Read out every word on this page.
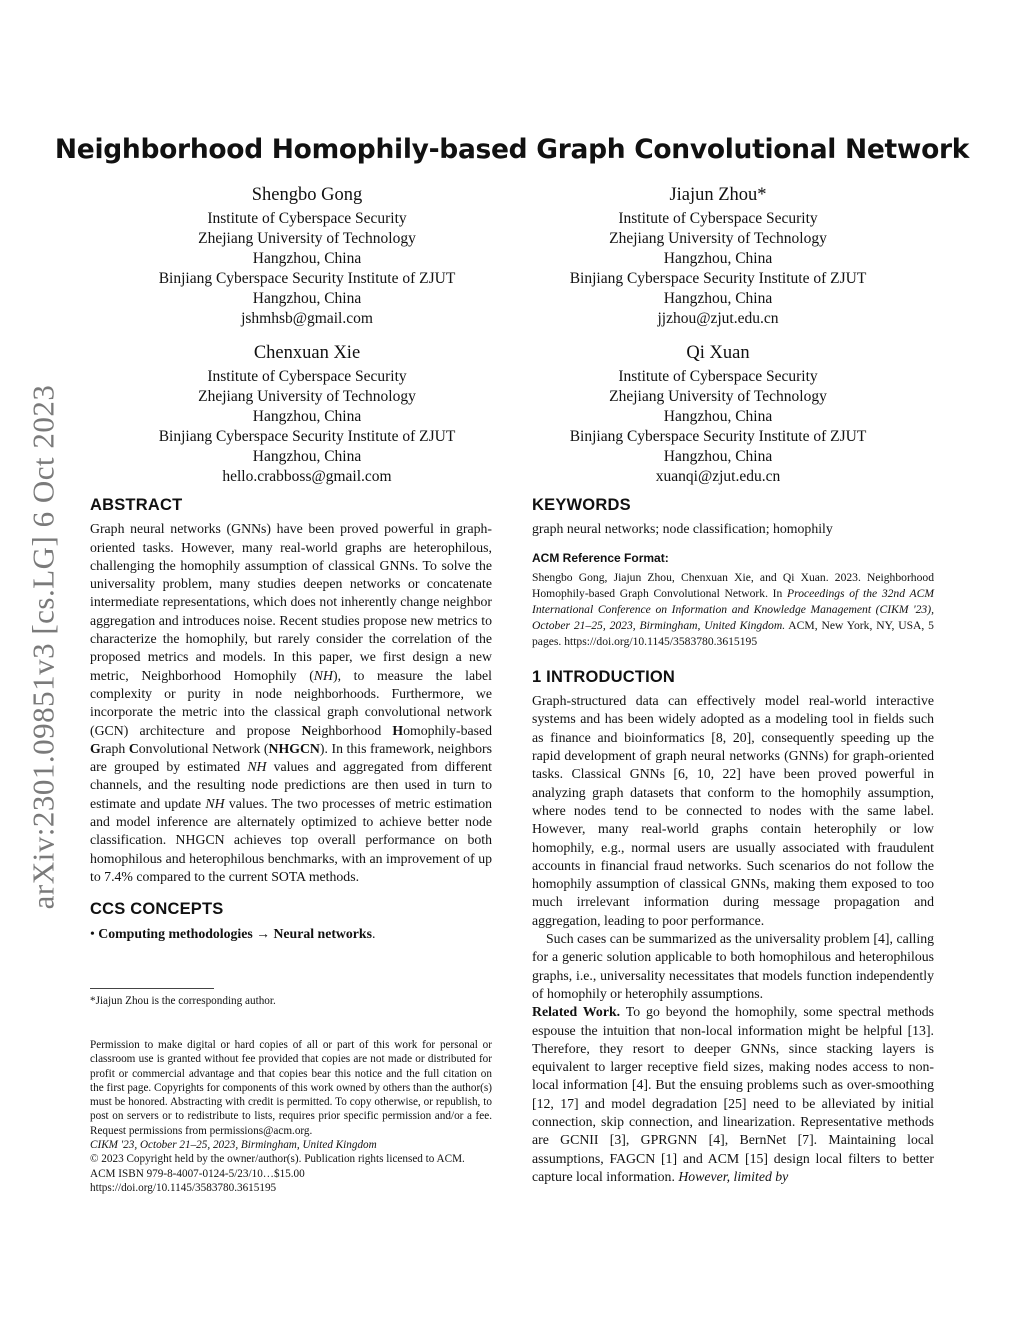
arXiv:2301.09851v3 [cs.LG] 6 Oct 2023
Neighborhood Homophily-based Graph Convolutional Network
Shengbo Gong
Institute of Cyberspace Security
Zhejiang University of Technology
Hangzhou, China
Binjiang Cyberspace Security Institute of ZJUT
Hangzhou, China
jshmhsb@gmail.com
Jiajun Zhou*
Institute of Cyberspace Security
Zhejiang University of Technology
Hangzhou, China
Binjiang Cyberspace Security Institute of ZJUT
Hangzhou, China
jjzhou@zjut.edu.cn
Chenxuan Xie
Institute of Cyberspace Security
Zhejiang University of Technology
Hangzhou, China
Binjiang Cyberspace Security Institute of ZJUT
Hangzhou, China
hello.crabboss@gmail.com
Qi Xuan
Institute of Cyberspace Security
Zhejiang University of Technology
Hangzhou, China
Binjiang Cyberspace Security Institute of ZJUT
Hangzhou, China
xuanqi@zjut.edu.cn
ABSTRACT

Graph neural networks (GNNs) have been proved powerful in graph-oriented tasks. However, many real-world graphs are heterophilous, challenging the homophily assumption of classical GNNs. To solve the universality problem, many studies deepen networks or concatenate intermediate representations, which does not inherently change neighbor aggregation and introduces noise. Recent studies propose new metrics to characterize the homophily, but rarely consider the correlation of the proposed metrics and models. In this paper, we first design a new metric, Neighborhood Homophily (NH), to measure the label complexity or purity in node neighborhoods. Furthermore, we incorporate the metric into the classical graph convolutional network (GCN) architecture and propose Neighborhood Homophily-based Graph Convolutional Network (NHGCN). In this framework, neighbors are grouped by estimated NH values and aggregated from different channels, and the resulting node predictions are then used in turn to estimate and update NH values. The two processes of metric estimation and model inference are alternately optimized to achieve better node classification. NHGCN achieves top overall performance on both homophilous and heterophilous benchmarks, with an improvement of up to 7.4% compared to the current SOTA methods.

CCS CONCEPTS

• Computing methodologies → Neural networks.

*Jiajun Zhou is the corresponding author.

Permission to make digital or hard copies of all or part of this work for personal or classroom use is granted without fee provided that copies are not made or distributed for profit or commercial advantage and that copies bear this notice and the full citation on the first page. Copyrights for components of this work owned by others than the author(s) must be honored. Abstracting with credit is permitted. To copy otherwise, or republish, to post on servers or to redistribute to lists, requires prior specific permission and/or a fee. Request permissions from permissions@acm.org.

CIKM '23, October 21–25, 2023, Birmingham, United Kingdom
© 2023 Copyright held by the owner/author(s). Publication rights licensed to ACM.
ACM ISBN 979-8-4007-0124-5/23/10…$15.00
https://doi.org/10.1145/3583780.3615195
KEYWORDS

graph neural networks; node classification; homophily

ACM Reference Format:

Shengbo Gong, Jiajun Zhou, Chenxuan Xie, and Qi Xuan. 2023. Neighborhood Homophily-based Graph Convolutional Network. In Proceedings of the 32nd ACM International Conference on Information and Knowledge Management (CIKM '23), October 21–25, 2023, Birmingham, United Kingdom. ACM, New York, NY, USA, 5 pages. https://doi.org/10.1145/3583780.3615195

1 INTRODUCTION

Graph-structured data can effectively model real-world interactive systems and has been widely adopted as a modeling tool in fields such as finance and bioinformatics [8, 20], consequently speeding up the rapid development of graph neural networks (GNNs) for graph-oriented tasks. Classical GNNs [6, 10, 22] have been proved powerful in analyzing graph datasets that conform to the homophily assumption, where nodes tend to be connected to nodes with the same label. However, many real-world graphs contain heterophily or low homophily, e.g., normal users are usually associated with fraudulent accounts in financial fraud networks. Such scenarios do not follow the homophily assumption of classical GNNs, making them exposed to too much irrelevant information during message propagation and aggregation, leading to poor performance.

Such cases can be summarized as the universality problem [4], calling for a generic solution applicable to both homophilous and heterophilous graphs, i.e., universality necessitates that models function independently of homophily or heterophily assumptions.

Related Work. To go beyond the homophily, some spectral methods espouse the intuition that non-local information might be helpful [13]. Therefore, they resort to deeper GNNs, since stacking layers is equivalent to larger receptive field sizes, making nodes access to non-local information [4]. But the ensuing problems such as over-smoothing [12, 17] and model degradation [25] need to be alleviated by initial connection, skip connection, and linearization. Representative methods are GCNII [3], GPRGNN [4], BernNet [7]. Maintaining local assumptions, FAGCN [1] and ACM [15] design local filters to better capture local information. However, limited by
